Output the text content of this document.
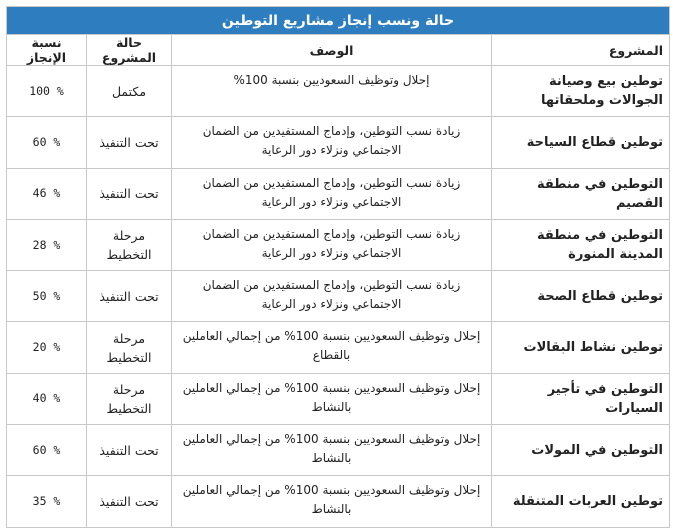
حالة ونسب إنجاز مشاريع التوطين			
المشروع	الوصف	حالة المشروع	نسبة الإنجاز
توطين بيع وصيانة الجوالات وملحقاتها	إحلال وتوظيف السعوديين بنسبة 100%	مكتمل	100 %
توطين قطاع السياحة	زيادة نسب التوطين، وإدماج المستفيدين من الضمان الاجتماعي ونزلاء دور الرعاية	تحت التنفيذ	60 %
التوطين في منطقة القصيم	زيادة نسب التوطين، وإدماج المستفيدين من الضمان الاجتماعي ونزلاء دور الرعاية	تحت التنفيذ	46 %
التوطين في منطقة المدينة المنورة	زيادة نسب التوطين، وإدماج المستفيدين من الضمان الاجتماعي ونزلاء دور الرعاية	مرحلة التخطيط	28 %
توطين قطاع الصحة	زيادة نسب التوطين، وإدماج المستفيدين من الضمان الاجتماعي ونزلاء دور الرعاية	تحت التنفيذ	50 %
توطين نشاط البقالات	إحلال وتوظيف السعوديين بنسبة 100% من إجمالي العاملين بالقطاع	مرحلة التخطيط	20 %
التوطين في تأجير السيارات	إحلال وتوظيف السعوديين بنسبة 100% من إجمالي العاملين بالنشاط	مرحلة التخطيط	40 %
التوطين في المولات	إحلال وتوظيف السعوديين بنسبة 100% من إجمالي العاملين بالنشاط	تحت التنفيذ	60 %
توطين العربات المتنقلة	إحلال وتوظيف السعوديين بنسبة 100% من إجمالي العاملين بالنشاط	تحت التنفيذ	35 %
